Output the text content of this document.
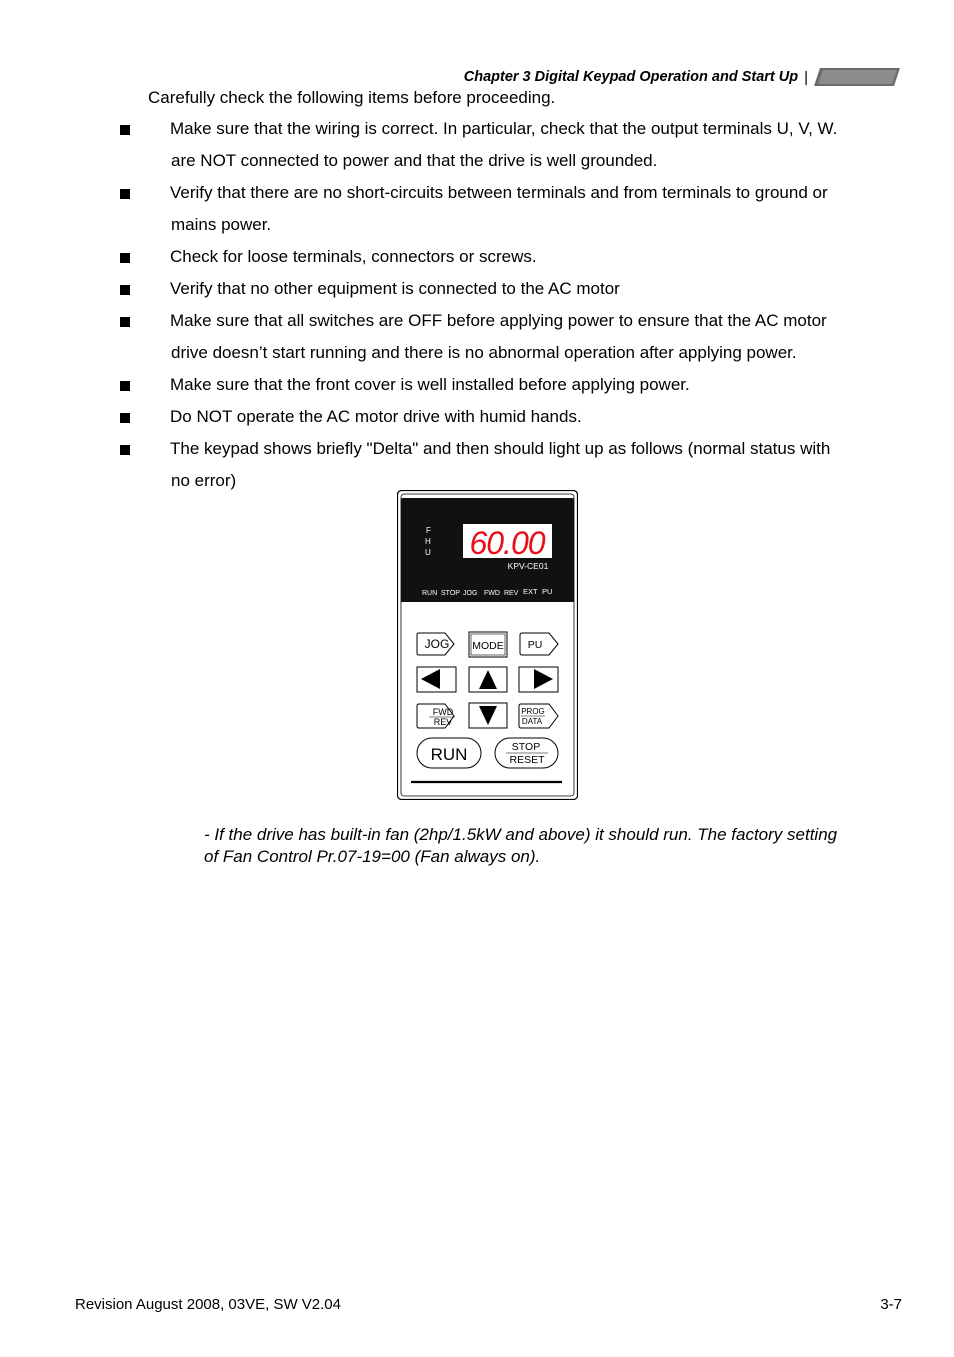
Chapter 3 Digital Keypad Operation and Start Up |
Carefully check the following items before proceeding.
Make sure that the wiring is correct. In particular, check that the output terminals U, V, W.
are NOT connected to power and that the drive is well grounded.
Verify that there are no short-circuits between terminals and from terminals to ground or
mains power.
Check for loose terminals, connectors or screws.
Verify that no other equipment is connected to the AC motor
Make sure that all switches are OFF before applying power to ensure that the AC motor
drive doesn’t start running and there is no abnormal operation after applying power.
Make sure that the front cover is well installed before applying power.
Do NOT operate the AC motor drive with humid hands.
The keypad shows briefly "Delta" and then should light up as follows (normal status with
no error)
F
H
U 60.00
KPV-CE01
RUN STOP JOG FWD REV EXT PU
JOG MODE PU
FWD
REV
PROG
DATA
RUN	STOP
RESET
- If the drive has built-in fan (2hp/1.5kW and above) it should run. The factory setting
of Fan Control Pr.07-19=00 (Fan always on).
Revision August 2008, 03VE, SW V2.04	3-7
